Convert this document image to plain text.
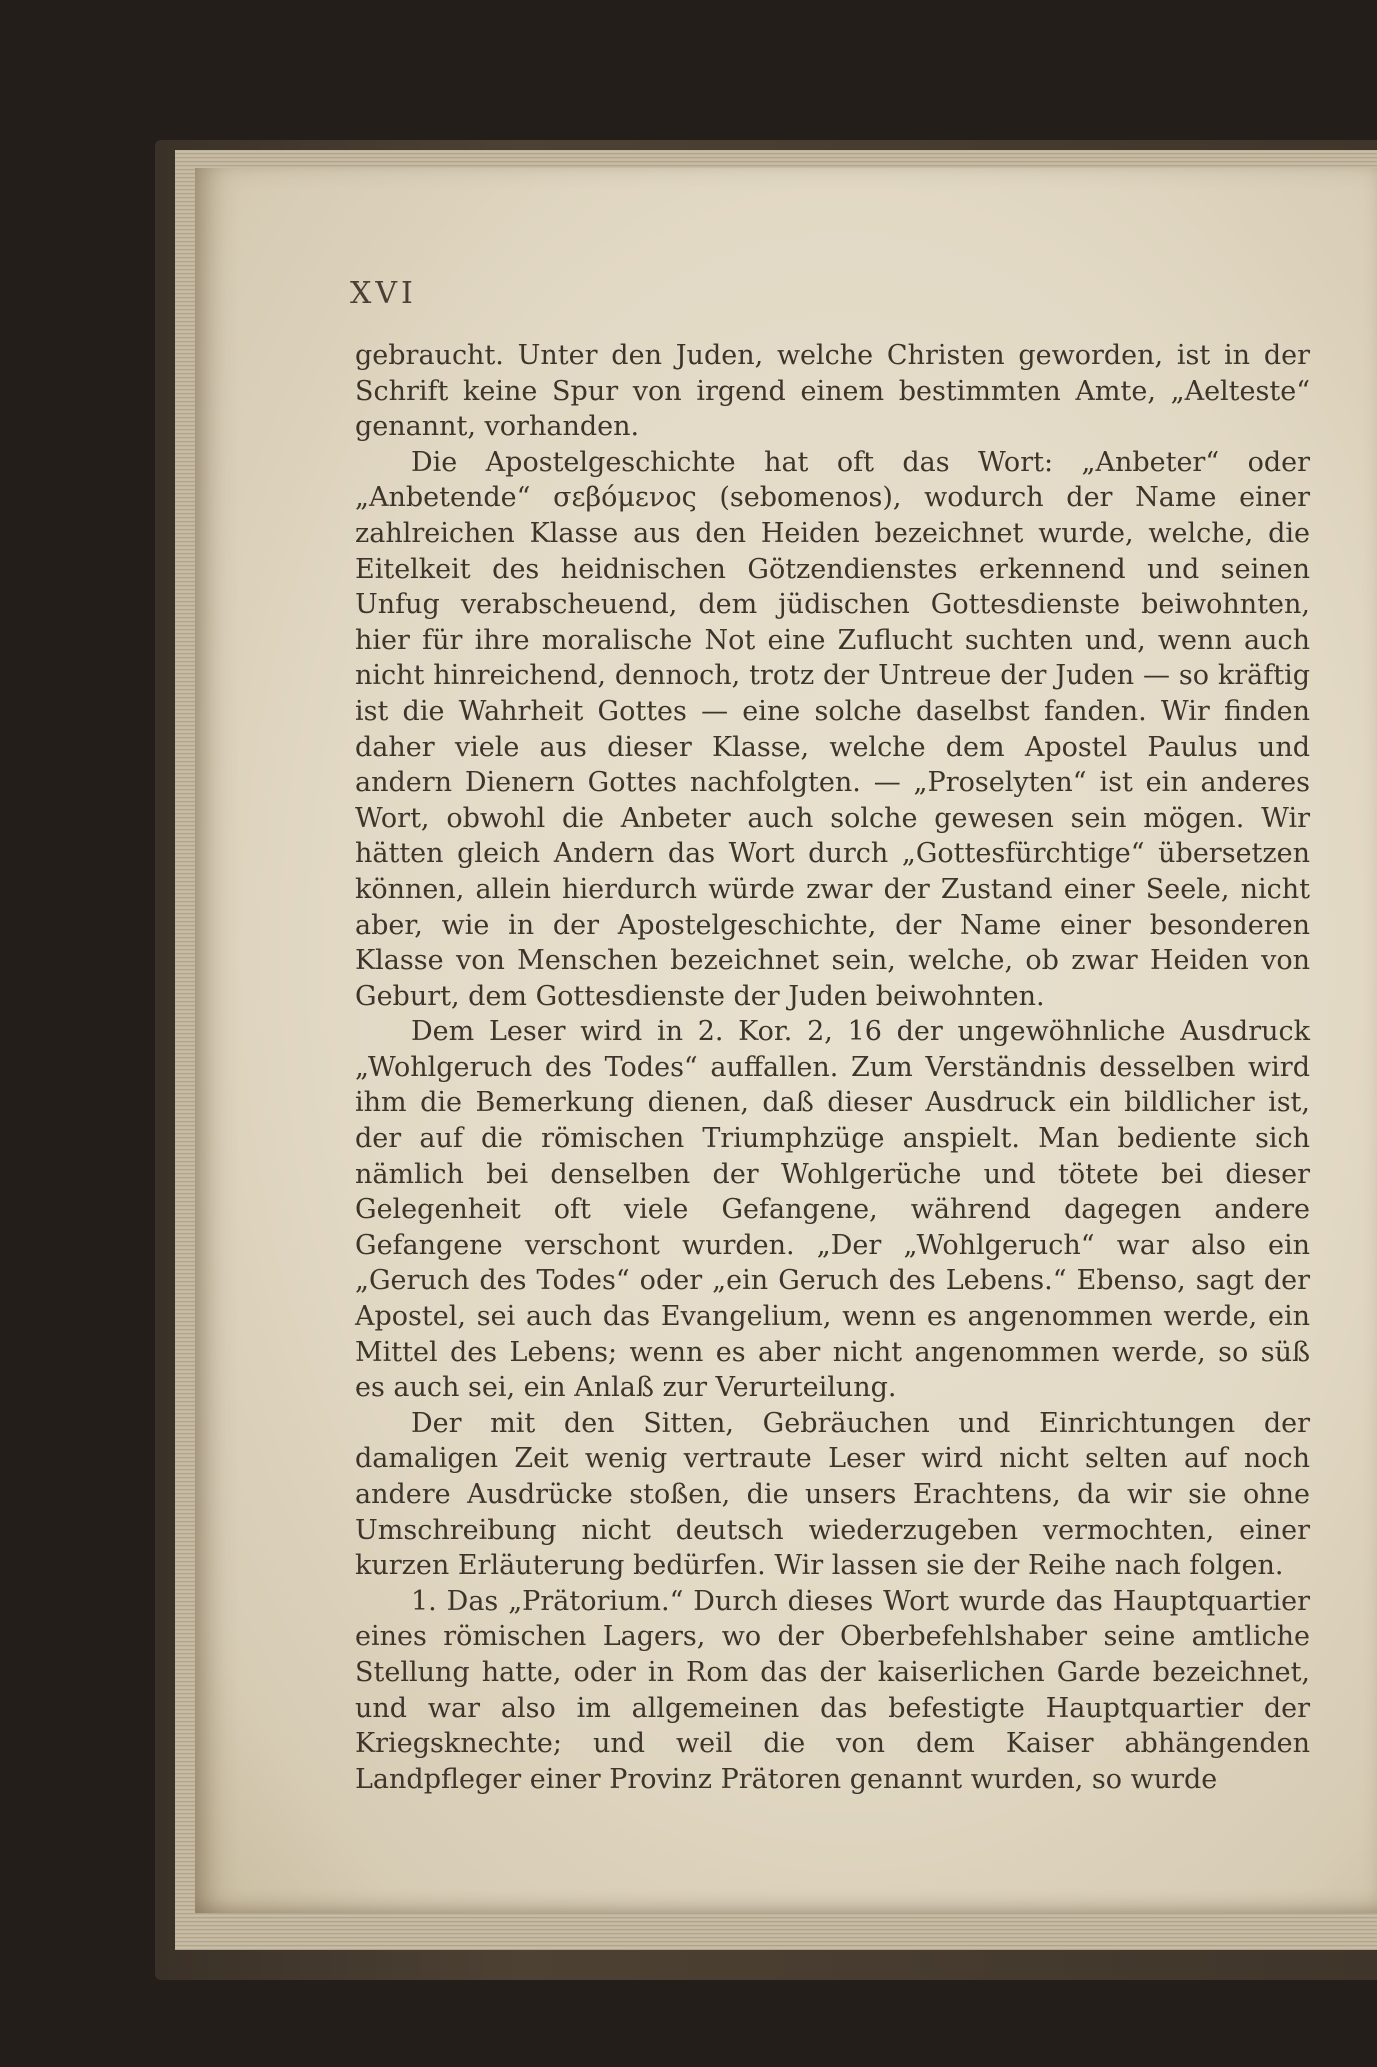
XVI

gebraucht. Unter den Juden, welche Christen geworden, ist in der Schrift keine Spur von irgend einem bestimmten Amte, „Aelteste“ genannt, vorhanden.

Die Apostelgeschichte hat oft das Wort: „Anbeter“ oder „Anbetende“ σεβόμενος (sebomenos), wodurch der Name einer zahlreichen Klasse aus den Heiden bezeichnet wurde, welche, die Eitelkeit des heidnischen Götzendienstes erkennend und seinen Unfug verabscheuend, dem jüdischen Gottesdienste beiwohnten, hier für ihre moralische Not eine Zuflucht suchten und, wenn auch nicht hinreichend, dennoch, trotz der Untreue der Juden — so kräftig ist die Wahrheit Gottes — eine solche daselbst fanden. Wir finden daher viele aus dieser Klasse, welche dem Apostel Paulus und andern Dienern Gottes nachfolgten. — „Proselyten“ ist ein anderes Wort, obwohl die Anbeter auch solche gewesen sein mögen. Wir hätten gleich Andern das Wort durch „Gottesfürchtige“ übersetzen können, allein hierdurch würde zwar der Zustand einer Seele, nicht aber, wie in der Apostelgeschichte, der Name einer besonderen Klasse von Menschen bezeichnet sein, welche, ob zwar Heiden von Geburt, dem Gottesdienste der Juden beiwohnten.

Dem Leser wird in 2. Kor. 2, 16 der ungewöhnliche Ausdruck „Wohlgeruch des Todes“ auffallen. Zum Verständnis desselben wird ihm die Bemerkung dienen, daß dieser Ausdruck ein bildlicher ist, der auf die römischen Triumphzüge anspielt. Man bediente sich nämlich bei denselben der Wohlgerüche und tötete bei dieser Gelegenheit oft viele Gefangene, während dagegen andere Gefangene verschont wurden. „Der „Wohlgeruch“ war also ein „Geruch des Todes“ oder „ein Geruch des Lebens.“ Ebenso, sagt der Apostel, sei auch das Evangelium, wenn es angenommen werde, ein Mittel des Lebens; wenn es aber nicht angenommen werde, so süß es auch sei, ein Anlaß zur Verurteilung.

Der mit den Sitten, Gebräuchen und Einrichtungen der damaligen Zeit wenig vertraute Leser wird nicht selten auf noch andere Ausdrücke stoßen, die unsers Erachtens, da wir sie ohne Umschreibung nicht deutsch wiederzugeben vermochten, einer kurzen Erläuterung bedürfen. Wir lassen sie der Reihe nach folgen.

1. Das „Prätorium.“ Durch dieses Wort wurde das Hauptquartier eines römischen Lagers, wo der Oberbefehlshaber seine amtliche Stellung hatte, oder in Rom das der kaiserlichen Garde bezeichnet, und war also im allgemeinen das befestigte Hauptquartier der Kriegsknechte; und weil die von dem Kaiser abhängenden Landpfleger einer Provinz Prätoren genannt wurden, so wurde
